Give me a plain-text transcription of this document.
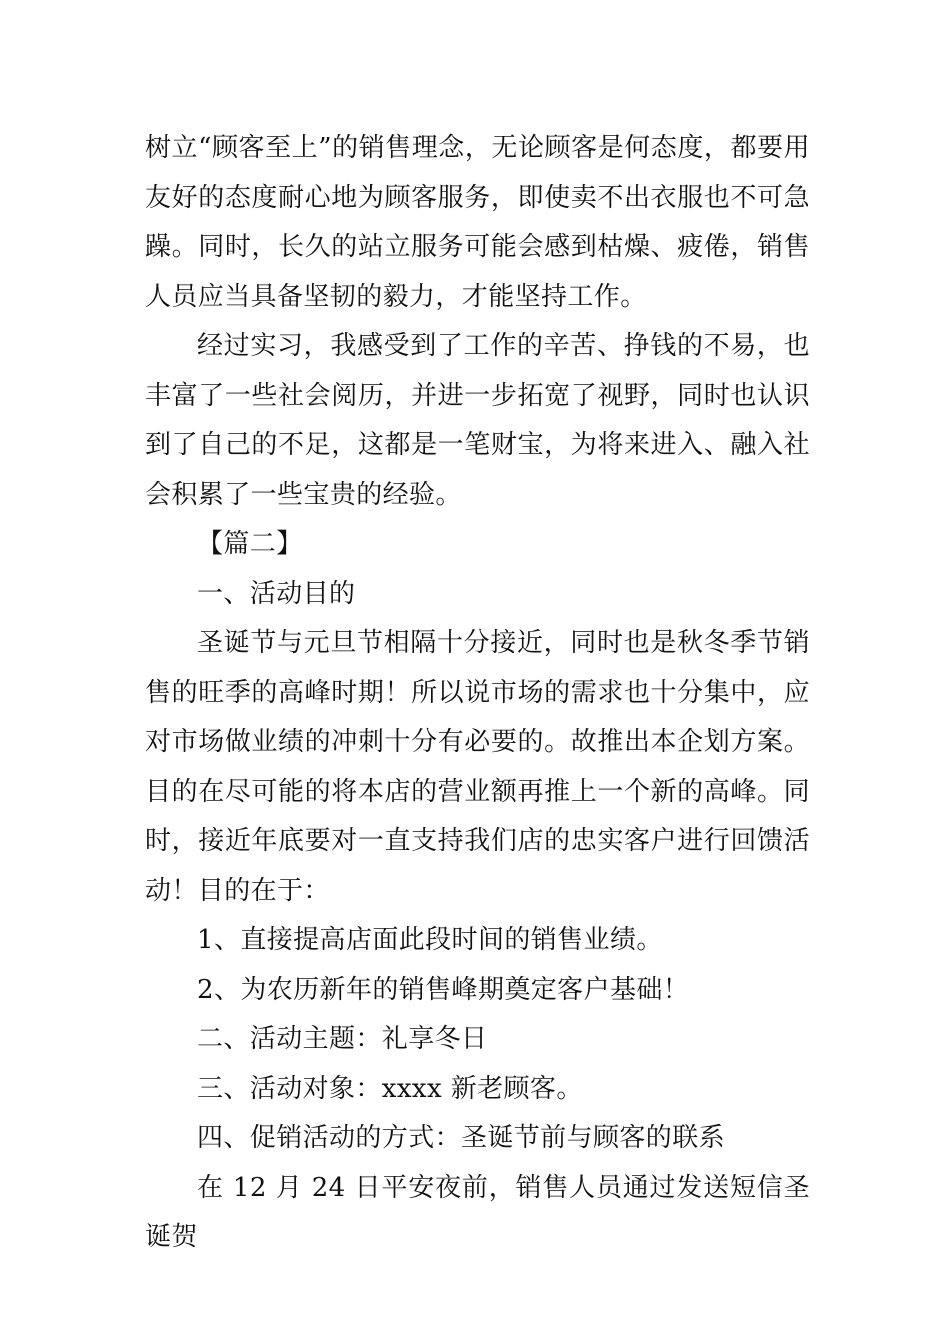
树立“顾客至上”的销售理念，无论顾客是何态度，都要用友好的态度耐心地为顾客服务，即使卖不出衣服也不可急躁。同时，长久的站立服务可能会感到枯燥、疲倦，销售人员应当具备坚韧的毅力，才能坚持工作。

经过实习，我感受到了工作的辛苦、挣钱的不易，也丰富了一些社会阅历，并进一步拓宽了视野，同时也认识到了自己的不足，这都是一笔财宝，为将来进入、融入社会积累了一些宝贵的经验。

【篇二】

一、活动目的

圣诞节与元旦节相隔十分接近，同时也是秋冬季节销售的旺季的高峰时期！所以说市场的需求也十分集中，应对市场做业绩的冲刺十分有必要的。故推出本企划方案。目的在尽可能的将本店的营业额再推上一个新的高峰。同时，接近年底要对一直支持我们店的忠实客户进行回馈活动！目的在于：

1、直接提高店面此段时间的销售业绩。

2、为农历新年的销售峰期奠定客户基础！

二、活动主题：礼享冬日

三、活动对象：xxxx 新老顾客。

四、促销活动的方式：圣诞节前与顾客的联系

在 12 月 24 日平安夜前，销售人员通过发送短信圣诞贺
